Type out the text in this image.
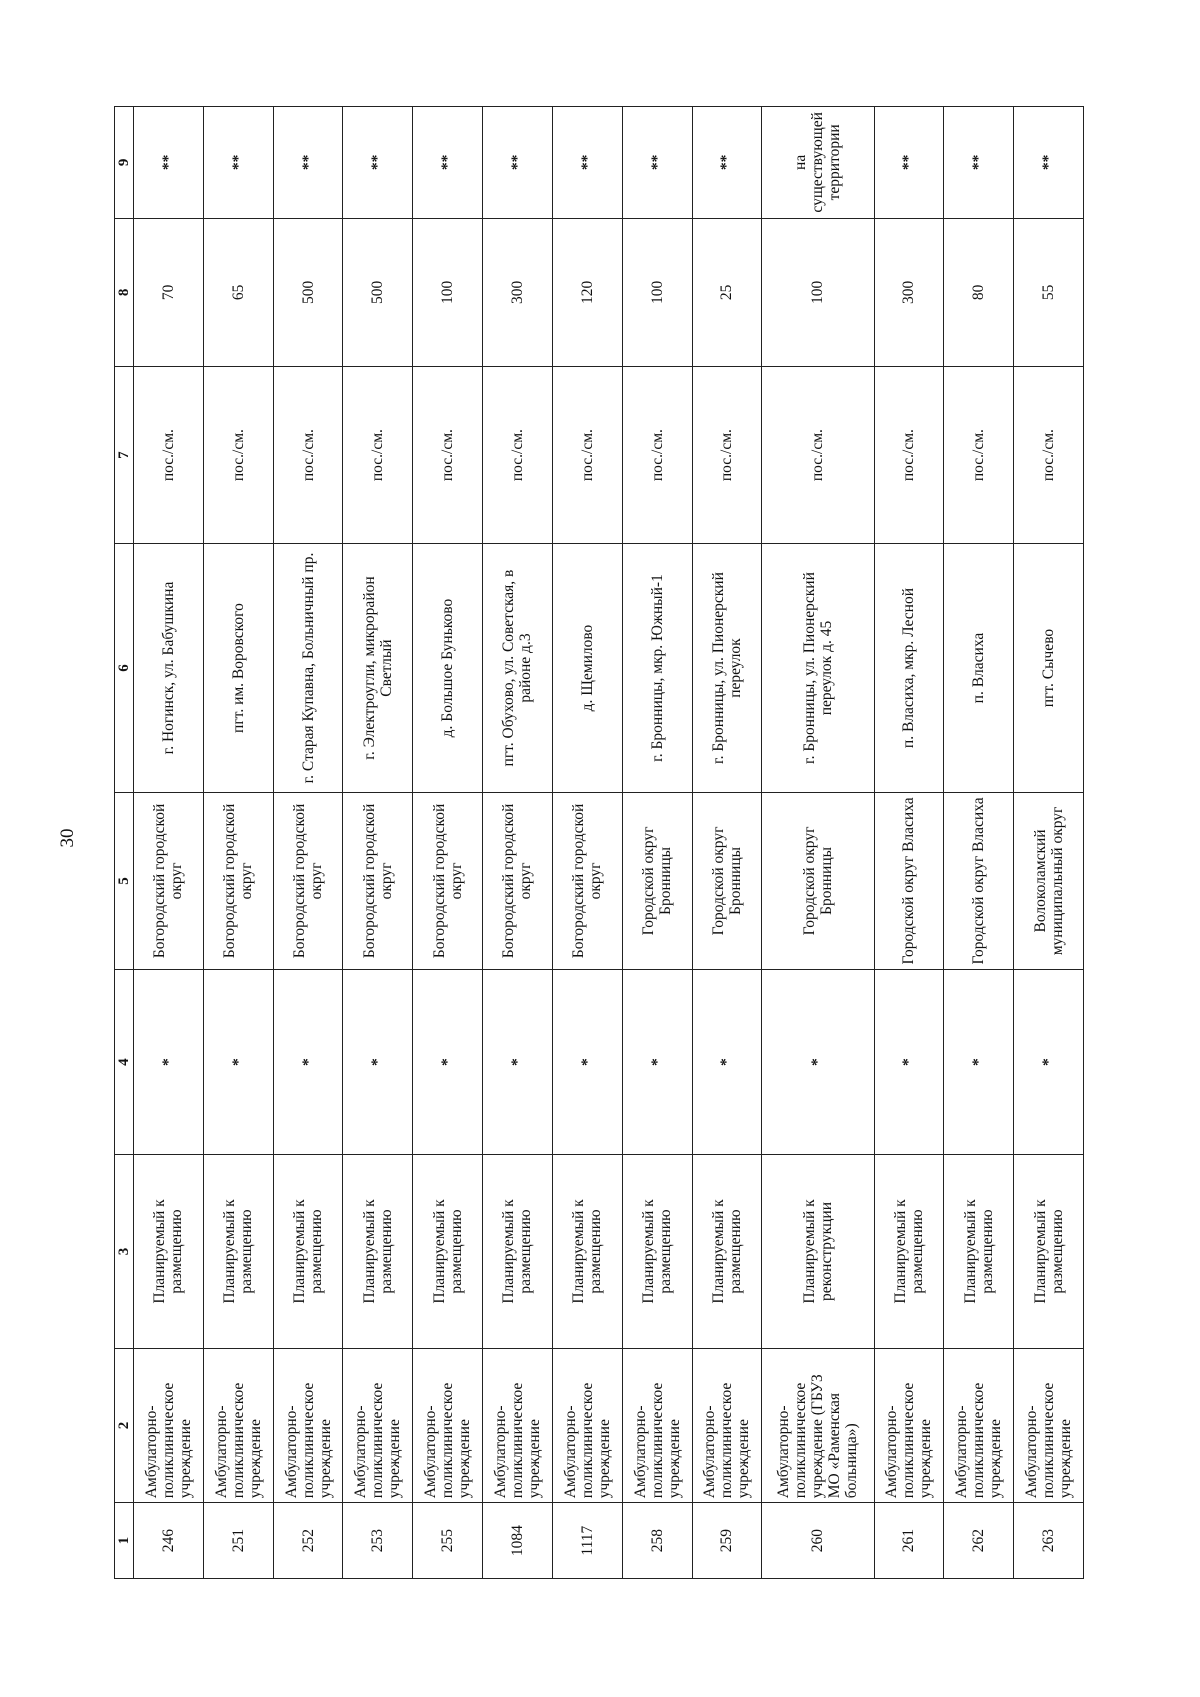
30
1	2	3	4	5	6	7	8	9
246	Амбулаторно-поликлиническое учреждение	Планируемый к размещению	*	Богородский городской округ	г. Ногинск, ул. Бабушкина	пос./см.	70	**
251	Амбулаторно-поликлиническое учреждение	Планируемый к размещению	*	Богородский городской округ	пгт. им. Воровского	пос./см.	65	**
252	Амбулаторно-поликлиническое учреждение	Планируемый к размещению	*	Богородский городской округ	г. Старая Купавна, Больничный пр.	пос./см.	500	**
253	Амбулаторно-поликлиническое учреждение	Планируемый к размещению	*	Богородский городской округ	г. Электроугли, микрорайон Светлый	пос./см.	500	**
255	Амбулаторно-поликлиническое учреждение	Планируемый к размещению	*	Богородский городской округ	д. Большое Буньково	пос./см.	100	**
1084	Амбулаторно-поликлиническое учреждение	Планируемый к размещению	*	Богородский городской округ	пгт. Обухово, ул. Советская, в районе д.3	пос./см.	300	**
1117	Амбулаторно-поликлиническое учреждение	Планируемый к размещению	*	Богородский городской округ	д. Щемилово	пос./см.	120	**
258	Амбулаторно-поликлиническое учреждение	Планируемый к размещению	*	Городской округ Бронницы	г. Бронницы, мкр. Южный-1	пос./см.	100	**
259	Амбулаторно-поликлиническое учреждение	Планируемый к размещению	*	Городской округ Бронницы	г. Бронницы, ул. Пионерский переулок	пос./см.	25	**
260	Амбулаторно-поликлиническое учреждение (ГБУЗ МО «Раменская больница»)	Планируемый к реконструкции	*	Городской округ Бронницы	г. Бронницы, ул. Пионерский переулок д. 45	пос./см.	100	на существующей территории
261	Амбулаторно-поликлиническое учреждение	Планируемый к размещению	*	Городской округ Власиха	п. Власиха, мкр. Лесной	пос./см.	300	**
262	Амбулаторно-поликлиническое учреждение	Планируемый к размещению	*	Городской округ Власиха	п. Власиха	пос./см.	80	**
263	Амбулаторно-поликлиническое учреждение	Планируемый к размещению	*	Волоколамский муниципальный округ	пгт. Сычево	пос./см.	55	**
